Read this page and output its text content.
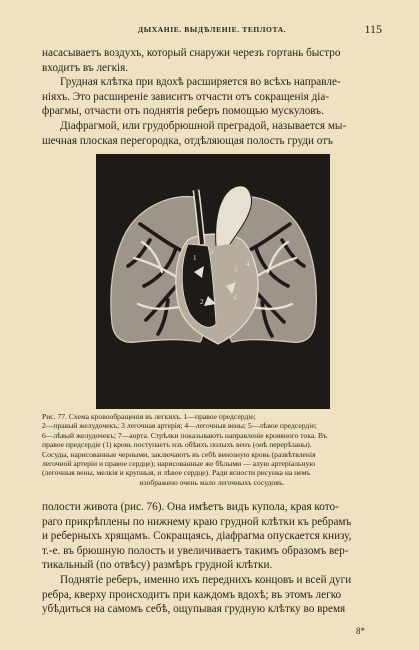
ДЫХАНІЕ. ВЫДѢЛЕНІЕ. ТЕПЛОТА.	115

насасываетъ воздухъ, который снаружи черезъ гортань быстро
входитъ въ легкія.

Грудная клѣтка при вдохѣ расширяется во всѣхъ направле-
ніяхъ. Это расширеніе зависитъ отчасти отъ сокращенія діа-
фрагмы, отчасти отъ поднятія реберъ помощью мускуловъ.

Діафрагмой, или грудобрюшной преградой, называется мы-
шечная плоская перегородка, отдѣляющая полость груди отъ

1
2
3
4
5
6
7

Рис. 77. Схема кровообращенія въ легкихъ. 1—правое предсердіе;

2—правый желудочекъ; 3 легочная артерія; 4—легочныя вены; 5—лѣвое предсердіе;

6—лѣвый желудочекъ; 7—аорта. Стрѣлки показываютъ направленіе кровяного тока. Въ

правое предсердіе (1) кровь поступаетъ изъ обѣихъ полыхъ венъ (онѣ перерѣзаны).

Сосуды, нарисованные черными, заключаютъ въ себѣ венозную кровь (развѣтвленія

легочной артеріи и правое сердце); нарисованные же бѣлыми — алую артеріальную

(легочныя вены, мелкія и крупныя, и лѣвое сердце). Ради ясности рисунка на немъ

изображено очень мало легочныхъ сосудовъ.

полости живота (рис. 76). Она имѣетъ видъ купола, края кото-
раго прикрѣплены по нижнему краю грудной клѣтки къ ребрамъ
и реберныхъ хрящамъ. Сокращаясь, діафрагма опускается книзу,
т.-е. въ брюшную полость и увеличиваетъ такимъ образомъ вер-
тикальный (по отвѣсу) размѣръ грудной клѣтки.

Поднятіе реберъ, именно ихъ переднихъ концовъ и всей дуги
ребра, кверху происходитъ при каждомъ вдохѣ; въ этомъ легко
убѣдиться на самомъ себѣ, ощупывая грудную клѣтку во время

8*
